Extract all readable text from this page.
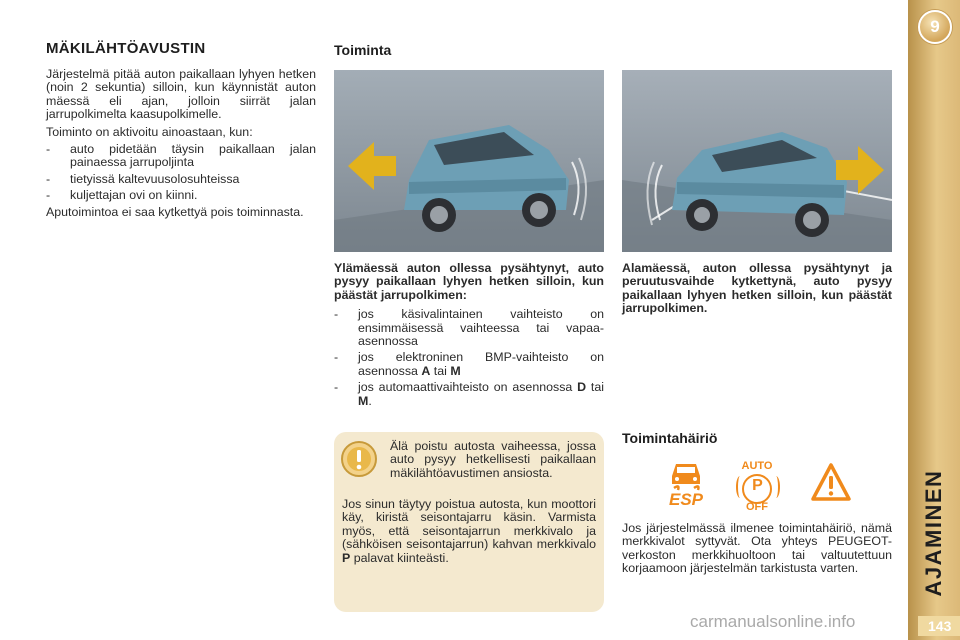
MÄKILÄHTÖAVUSTIN

Järjestelmä pitää auton paikallaan lyhyen hetken (noin 2 sekuntia) silloin, kun käynnistät auton mäessä eli ajan, jolloin siirrät jalan jarrupolkimelta kaasupolkimelle.

Toiminto on aktivoitu ainoastaan, kun:

-	auto pidetään täysin paikallaan jalan painaessa jarrupoljinta
-	tietyissä kaltevuusolosuhteissa
-	kuljettajan ovi on kiinni.

Aputoimintoa ei saa kytkettyä pois toiminnasta.

Toiminta

Ylämäessä auton ollessa pysähtynyt, auto pysyy paikallaan lyhyen hetken silloin, kun päästät jarrupolkimen:

-	jos käsivalintainen vaihteisto on ensimmäisessä vaihteessa tai vapaa-asennossa
-	jos elektroninen BMP-vaihteisto on asennossa A tai M
-	jos automaattivaihteisto on asennossa D tai M.

Alamäessä, auton ollessa pysähtynyt ja peruutusvaihde kytkettynä, auto pysyy paikallaan lyhyen hetken silloin, kun päästät jarrupolkimen.

Älä poistu autosta vaiheessa, jossa auto pysyy hetkellisesti paikallaan mäkilähtöavustimen ansiosta.

Jos sinun täytyy poistua autosta, kun moottori käy, kiristä seisontajarru käsin. Varmista myös, että seisontajarrun merkkivalo ja (sähköisen seisontajarrun) kahvan merkkivalo P palavat kiinteästi.

Toimintahäiriö
ESP
AUTO
P
OFF

Jos järjestelmässä ilmenee toimintahäiriö, nämä merkkivalot syttyvät. Ota yhteys PEUGEOT-verkoston merkkihuoltoon tai valtuutettuun korjaamoon järjestelmän tarkistusta varten.

9
AJAMINEN
143
carmanualsonline.info
